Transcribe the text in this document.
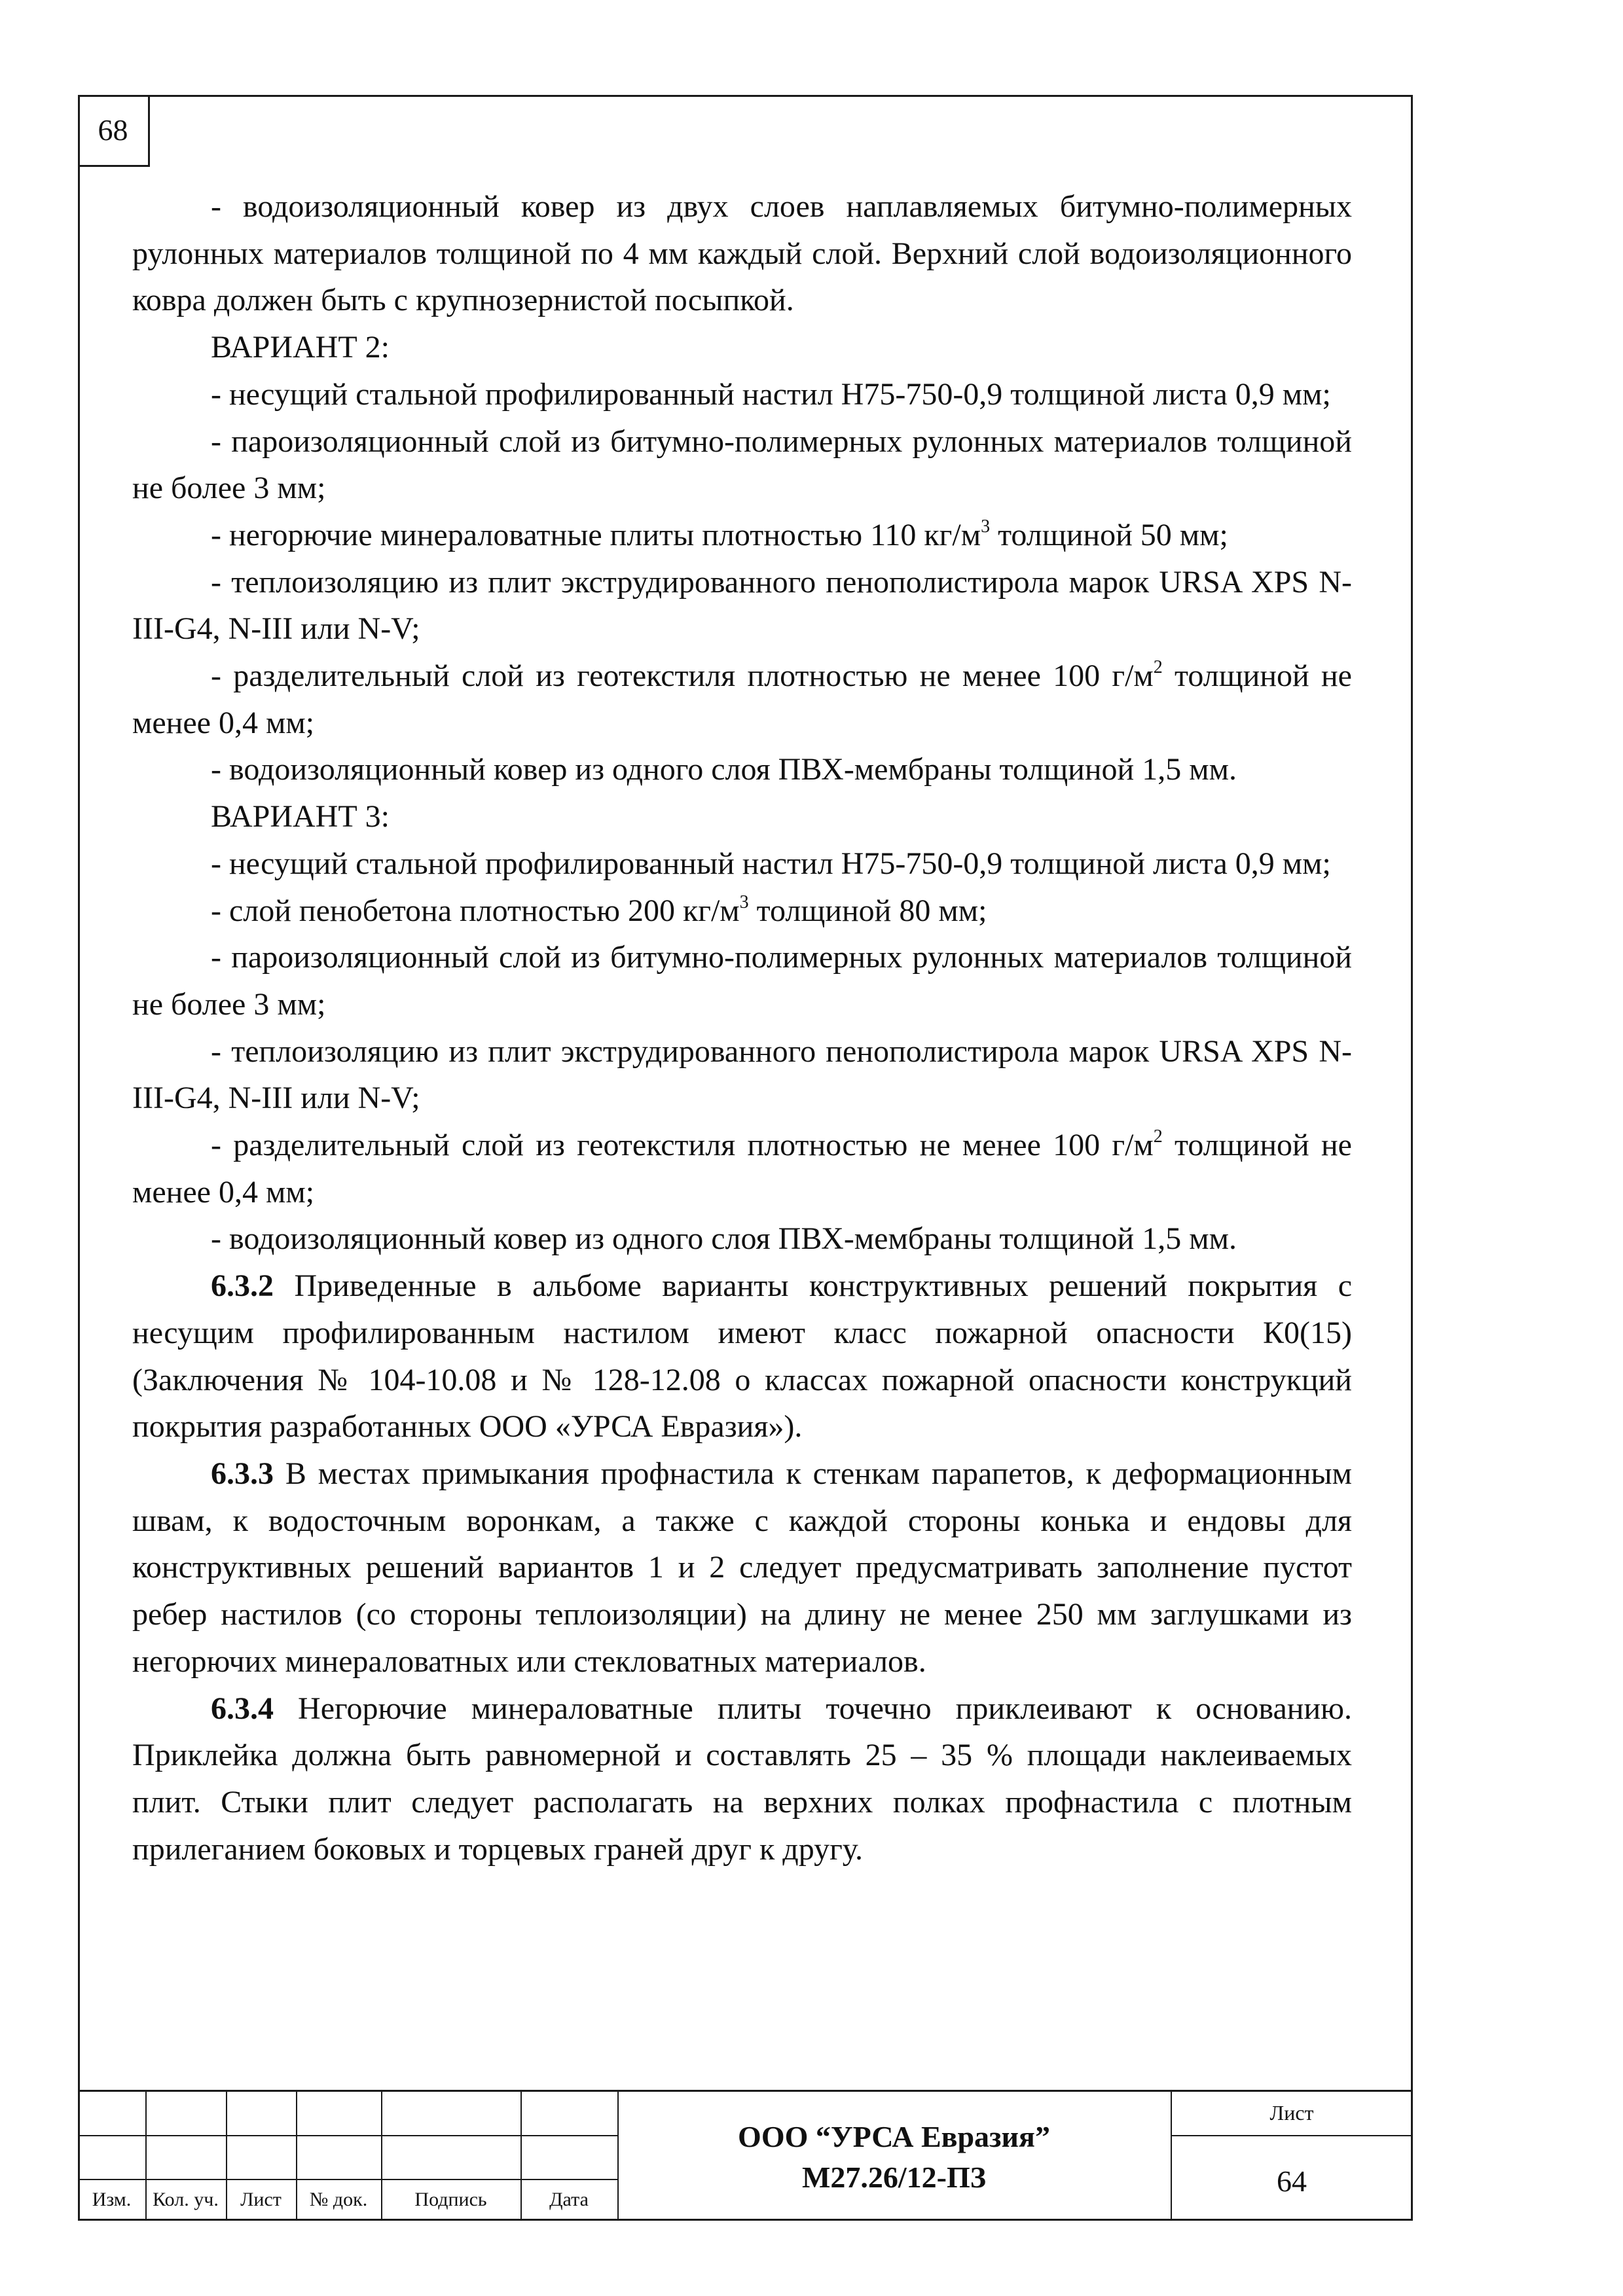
68

- водоизоляционный ковер из двух слоев наплавляемых битумно-полимерных рулонных материалов толщиной по 4 мм каждый слой. Верхний слой водоизоляционного ковра должен быть с крупнозернистой посыпкой.

ВАРИАНТ 2:

- несущий стальной профилированный настил Н75-750-0,9 толщиной листа 0,9 мм;

- пароизоляционный слой из битумно-полимерных рулонных материалов толщиной не более 3 мм;

- негорючие минераловатные плиты плотностью 110 $кг/м^3$ толщиной 50 мм;

- теплоизоляцию из плит экструдированного пенополистирола марок URSA XPS N-III-G4, N-III или N-V;

- разделительный слой из геотекстиля плотностью не менее 100 $г/м^2$ толщиной не менее 0,4 мм;

- водоизоляционный ковер из одного слоя ПВХ-мембраны толщиной 1,5 мм.

ВАРИАНТ 3:

- несущий стальной профилированный настил Н75-750-0,9 толщиной листа 0,9 мм;

- слой пенобетона плотностью 200 $кг/м^3$ толщиной 80 мм;

- пароизоляционный слой из битумно-полимерных рулонных материалов толщиной не более 3 мм;

- теплоизоляцию из плит экструдированного пенополистирола марок URSA XPS N-III-G4, N-III или N-V;

- разделительный слой из геотекстиля плотностью не менее 100 $г/м^2$ толщиной не менее 0,4 мм;

- водоизоляционный ковер из одного слоя ПВХ-мембраны толщиной 1,5 мм.

6.3.2 Приведенные в альбоме варианты конструктивных решений покрытия с несущим профилированным настилом имеют класс пожарной опасности К0(15) (Заключения № 104-10.08 и № 128-12.08 о классах пожарной опасности конструкций покрытия разработанных ООО «УРСА Евразия»).

6.3.3 В местах примыкания профнастила к стенкам парапетов, к деформационным швам, к водосточным воронкам, а также с каждой стороны конька и ендовы для конструктивных решений вариантов 1 и 2 следует предусматривать заполнение пустот ребер настилов (со стороны теплоизоляции) на длину не менее 250 мм заглушками из негорючих минераловатных или стекловатных материалов.

6.3.4 Негорючие минераловатные плиты точечно приклеивают к основанию. Приклейка должна быть равномерной и составлять 25 – 35 % площади наклеиваемых плит. Стыки плит следует располагать на верхних полках профнастила с плотным прилеганием боковых и торцевых граней друг к другу.

Изм.	Кол. уч.	Лист	№ док.	Подпись	Дата
ООО “УРСА Евразия”
М27.26/12-ПЗ
Лист
64
